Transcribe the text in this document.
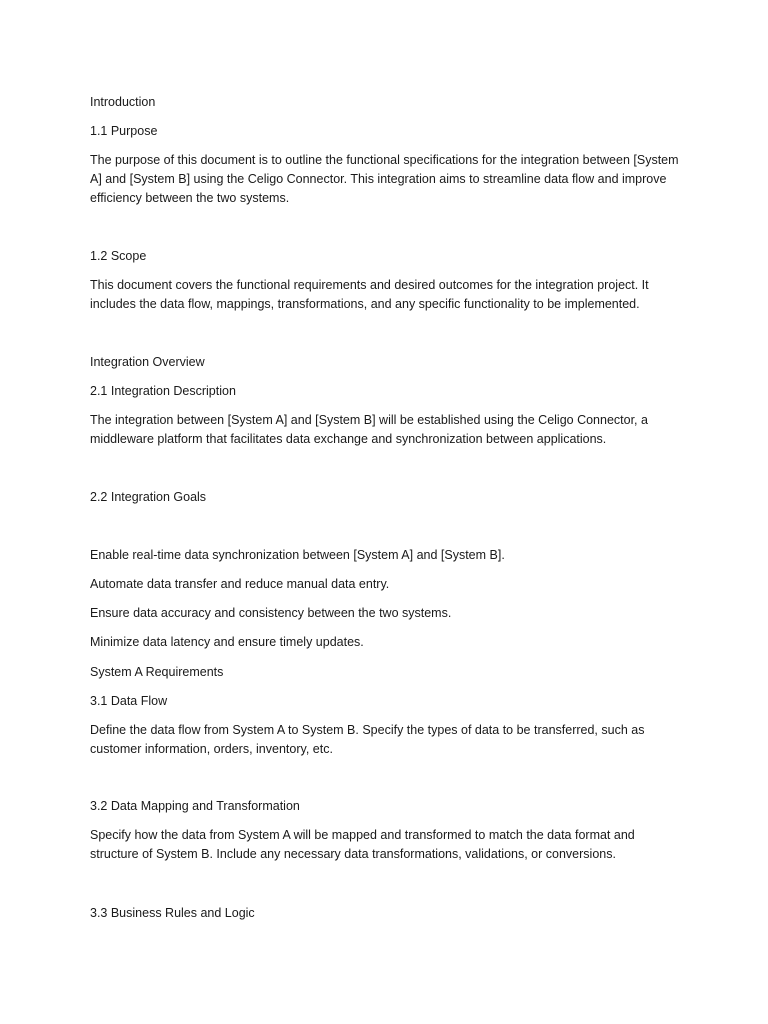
Introduction

1.1 Purpose

The purpose of this document is to outline the functional specifications for the integration between [System A] and [System B] using the Celigo Connector. This integration aims to streamline data flow and improve efficiency between the two systems.

1.2 Scope

This document covers the functional requirements and desired outcomes for the integration project. It includes the data flow, mappings, transformations, and any specific functionality to be implemented.

Integration Overview

2.1 Integration Description

The integration between [System A] and [System B] will be established using the Celigo Connector, a middleware platform that facilitates data exchange and synchronization between applications.

2.2 Integration Goals

Enable real-time data synchronization between [System A] and [System B].

Automate data transfer and reduce manual data entry.

Ensure data accuracy and consistency between the two systems.

Minimize data latency and ensure timely updates.

System A Requirements

3.1 Data Flow

Define the data flow from System A to System B. Specify the types of data to be transferred, such as customer information, orders, inventory, etc.

3.2 Data Mapping and Transformation

Specify how the data from System A will be mapped and transformed to match the data format and structure of System B. Include any necessary data transformations, validations, or conversions.

3.3 Business Rules and Logic
